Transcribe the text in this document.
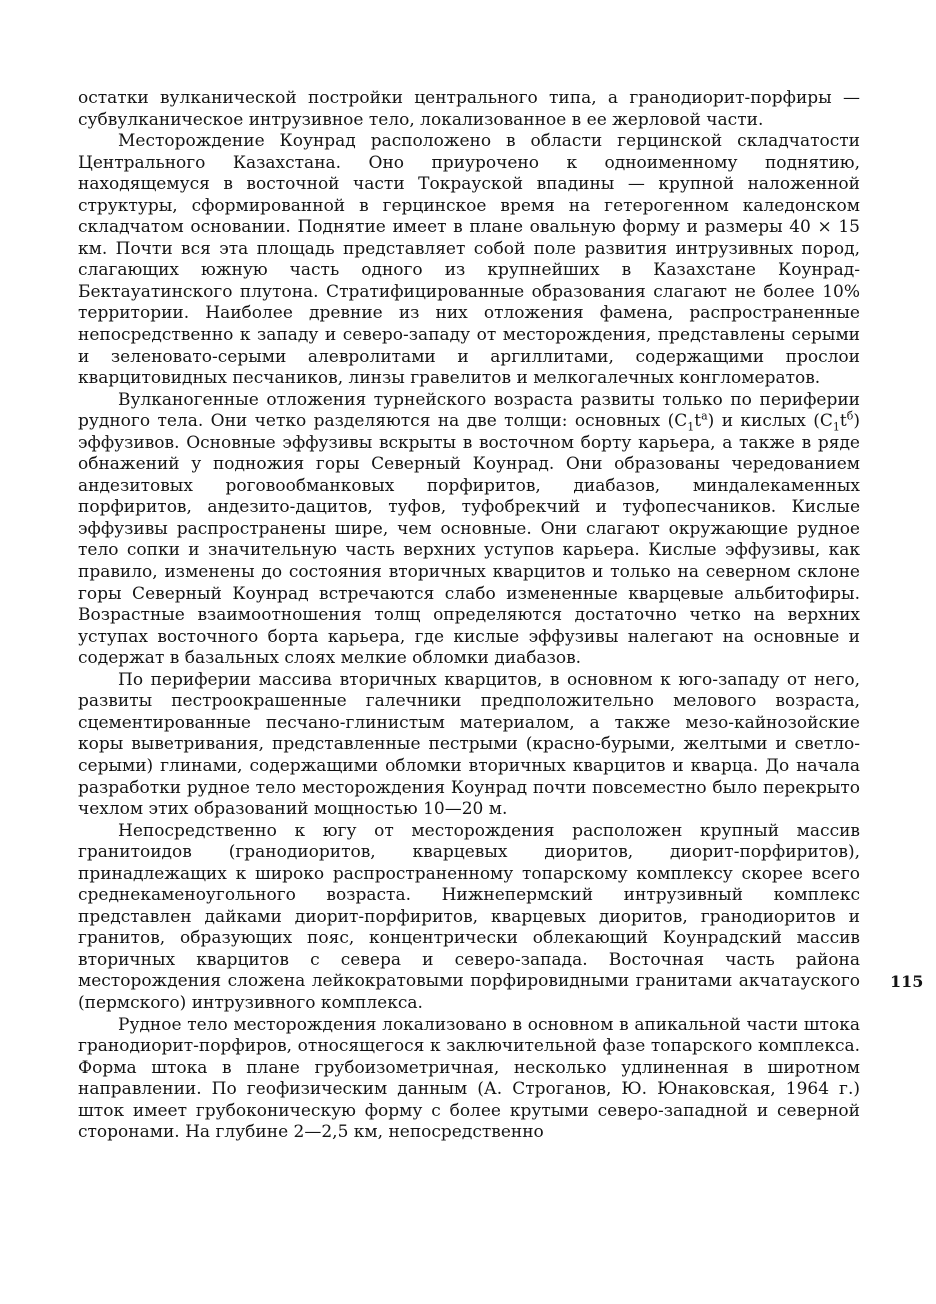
остатки вулканической постройки центрального типа, а гранодиорит-порфиры — субвулканическое интрузивное тело, локализованное в ее жерловой части.

Месторождение Коунрад расположено в области герцинской складчатости Центрального Казахстана. Оно приурочено к одноименному поднятию, находящемуся в восточной части Токрауской впадины — крупной наложенной структуры, сформированной в герцинское время на гетерогенном каледонском складчатом основании. Поднятие имеет в плане овальную форму и размеры 40 × 15 км. Почти вся эта площадь представляет собой поле развития интрузивных пород, слагающих южную часть одного из крупнейших в Казахстане Коунрад-Бектауатинского плутона. Стратифицированные образования слагают не более 10% территории. Наиболее древние из них отложения фамена, распространенные непосредственно к западу и северо-западу от месторождения, представлены серыми и зеленовато-серыми алевролитами и аргиллитами, содержащими прослои кварцитовидных песчаников, линзы гравелитов и мелкогалечных конгломератов.

Вулканогенные отложения турнейского возраста развиты только по периферии рудного тела. Они четко разделяются на две толщи: основных $(C_1t^a)$ и кислых $(C_1t^б)$ эффузивов. Основные эффузивы вскрыты в восточном борту карьера, а также в ряде обнажений у подножия горы Северный Коунрад. Они образованы чередованием андезитовых роговообманковых порфиритов, диабазов, миндалекаменных порфиритов, андезито-дацитов, туфов, туфобрекчий и туфопесчаников. Кислые эффузивы распространены шире, чем основные. Они слагают окружающие рудное тело сопки и значительную часть верхних уступов карьера. Кислые эффузивы, как правило, изменены до состояния вторичных кварцитов и только на северном склоне горы Северный Коунрад встречаются слабо измененные кварцевые альбитофиры. Возрастные взаимоотношения толщ определяются достаточно четко на верхних уступах восточного борта карьера, где кислые эффузивы налегают на основные и содержат в базальных слоях мелкие обломки диабазов.

По периферии массива вторичных кварцитов, в основном к юго-западу от него, развиты пестроокрашенные галечники предположительно мелового возраста, сцементированные песчано-глинистым материалом, а также мезо-кайнозойские коры выветривания, представленные пестрыми (красно-бурыми, желтыми и светло-серыми) глинами, содержащими обломки вторичных кварцитов и кварца. До начала разработки рудное тело месторождения Коунрад почти повсеместно было перекрыто чехлом этих образований мощностью 10—20 м.

Непосредственно к югу от месторождения расположен крупный массив гранитоидов (гранодиоритов, кварцевых диоритов, диорит-порфиритов), принадлежащих к широко распространенному топарскому комплексу скорее всего среднекаменоугольного возраста. Нижнепермский интрузивный комплекс представлен дайками диорит-порфиритов, кварцевых диоритов, гранодиоритов и гранитов, образующих пояс, концентрически облекающий Коунрадский массив вторичных кварцитов с севера и северо-запада. Восточная часть района месторождения сложена лейкократовыми порфировидными гранитами акчатауского (пермского) интрузивного комплекса.

Рудное тело месторождения локализовано в основном в апикальной части штока гранодиорит-порфиров, относящегося к заключительной фазе топарского комплекса. Форма штока в плане грубоизометричная, несколько удлиненная в широтном направлении. По геофизическим данным (А. Строганов, Ю. Юнаковская, 1964 г.) шток имеет грубоконическую форму с более крутыми северо-западной и северной сторонами. На глубине 2—2,5 км, непосредственно

115
